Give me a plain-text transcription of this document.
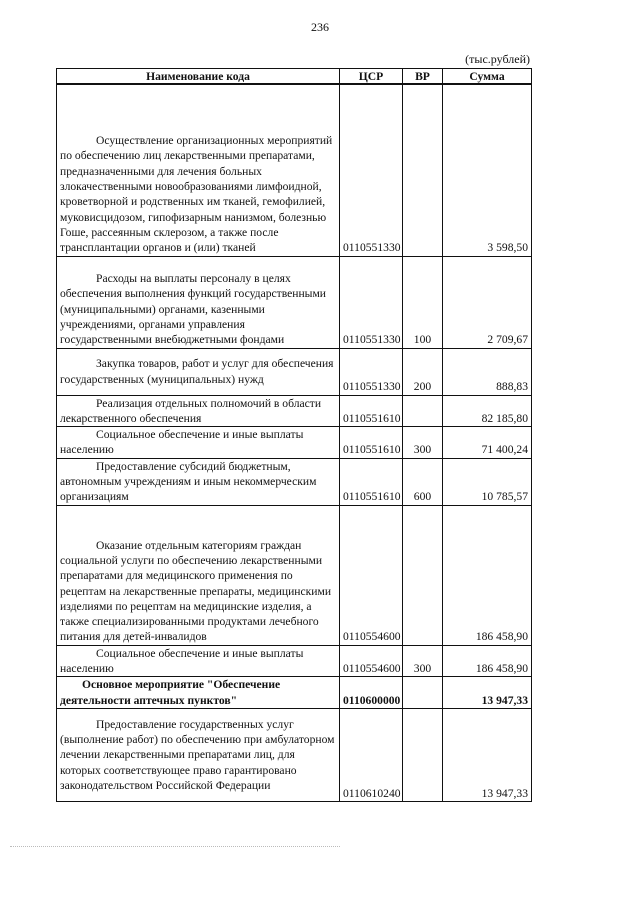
236
(тыс.рублей)
Наименование кода	ЦСР	ВР	Сумма
Осуществление организационных мероприятий по обеспечению лиц лекарственными препаратами, предназначенными для лечения больных злокачественными новообразованиями лимфоидной, кроветворной и родственных им тканей, гемофилией, муковисцидозом, гипофизарным нанизмом, болезнью Гоше, рассеянным склерозом, а также после трансплантации органов и (или) тканей	0110551330		3 598,50
Расходы на выплаты персоналу в целях обеспечения выполнения функций государственными (муниципальными) органами, казенными учреждениями, органами управления государственными внебюджетными фондами	0110551330	100	2 709,67
Закупка товаров, работ и услуг для обеспечения государственных (муниципальных) нужд	0110551330	200	888,83
Реализация отдельных полномочий в области лекарственного обеспечения	0110551610		82 185,80
Социальное обеспечение и иные выплаты населению	0110551610	300	71 400,24
Предоставление субсидий бюджетным, автономным учреждениям и иным некоммерческим организациям	0110551610	600	10 785,57
Оказание отдельным категориям граждан социальной услуги по обеспечению лекарственными препаратами для медицинского применения по рецептам на лекарственные препараты, медицинскими изделиями по рецептам на медицинские изделия, а также специализированными продуктами лечебного питания для детей-инвалидов	0110554600		186 458,90
Социальное обеспечение и иные выплаты населению	0110554600	300	186 458,90
Основное мероприятие "Обеспечение деятельности аптечных пунктов"	0110600000		13 947,33
Предоставление государственных услуг (выполнение работ) по обеспечению при амбулаторном лечении лекарственными препаратами лиц, для которых соответствующее право гарантировано законодательством Российской Федерации	0110610240		13 947,33
